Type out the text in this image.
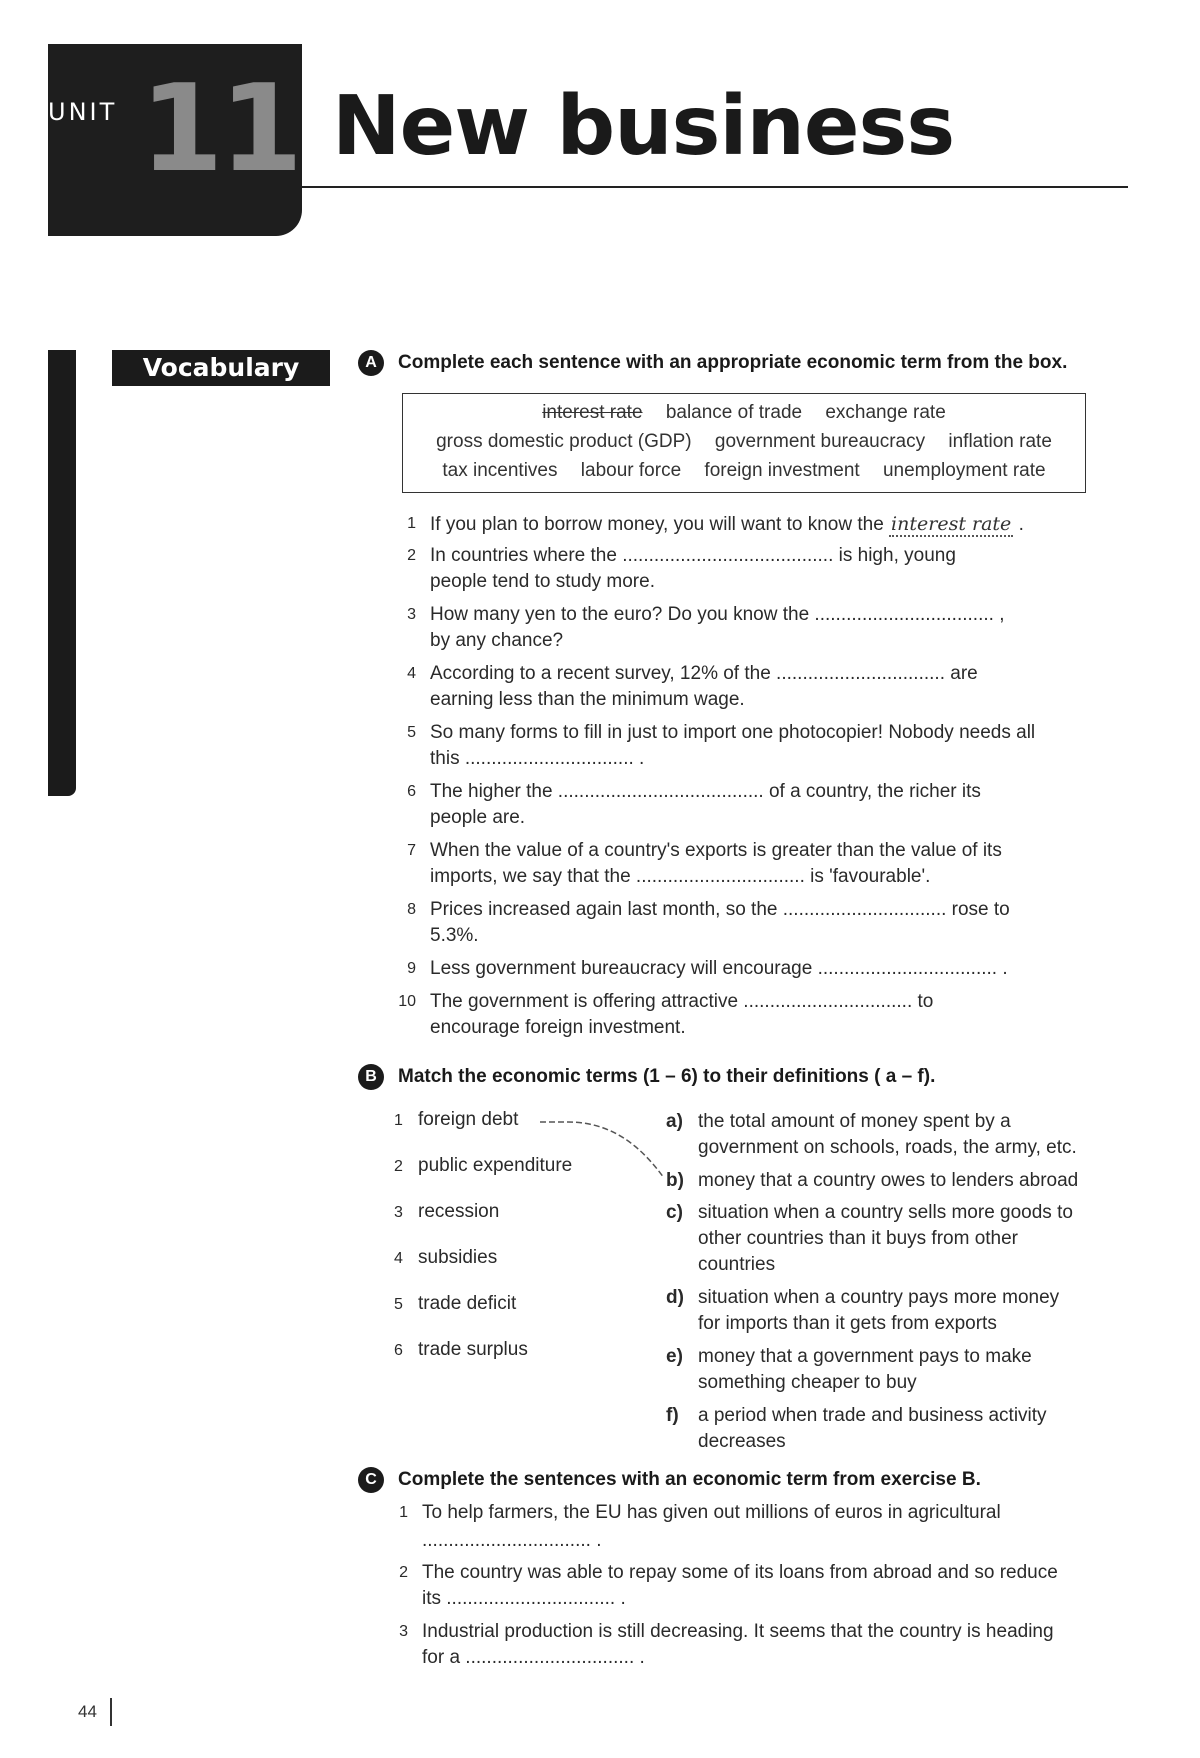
UNIT 11 New business
Vocabulary	A	Complete each sentence with an appropriate economic term from the box.
interest rate balance of trade exchange rate
gross domestic product (GDP) government bureaucracy inflation rate
tax incentives labour force foreign investment unemployment rate
1 If you plan to borrow money, you will want to know the interest rate .
2 In countries where the ........................................ is high, young
people tend to study more.
3 How many yen to the euro? Do you know the .................................. ,
by any chance?
4 According to a recent survey, 12% of the ................................ are
earning less than the minimum wage.
5 So many forms to fill in just to import one photocopier! Nobody needs all
this ................................ .
6 The higher the ....................................... of a country, the richer its
people are.
7 When the value of a country's exports is greater than the value of its
imports, we say that the ................................ is 'favourable'.
8 Prices increased again last month, so the ............................... rose to
5.3%.
9 Less government bureaucracy will encourage .................................. .
10 The government is offering attractive ................................ to
encourage foreign investment.
B	Match the economic terms (1 – 6) to their definitions ( a – f).
1 foreign debt
2 public expenditure
3 recession
4 subsidies
5 trade deficit
6 trade surplus
a) the total amount of money spent by a
government on schools, roads, the army, etc.
b) money that a country owes to lenders abroad
c) situation when a country sells more goods to
other countries than it buys from other
countries
d) situation when a country pays more money
for imports than it gets from exports
e) money that a government pays to make
something cheaper to buy
f) a period when trade and business activity
decreases
C	Complete the sentences with an economic term from exercise B.
1 To help farmers, the EU has given out millions of euros in agricultural
................................ .
2 The country was able to repay some of its loans from abroad and so reduce
its ................................ .
3 Industrial production is still decreasing. It seems that the country is heading
for a ................................ .
44
